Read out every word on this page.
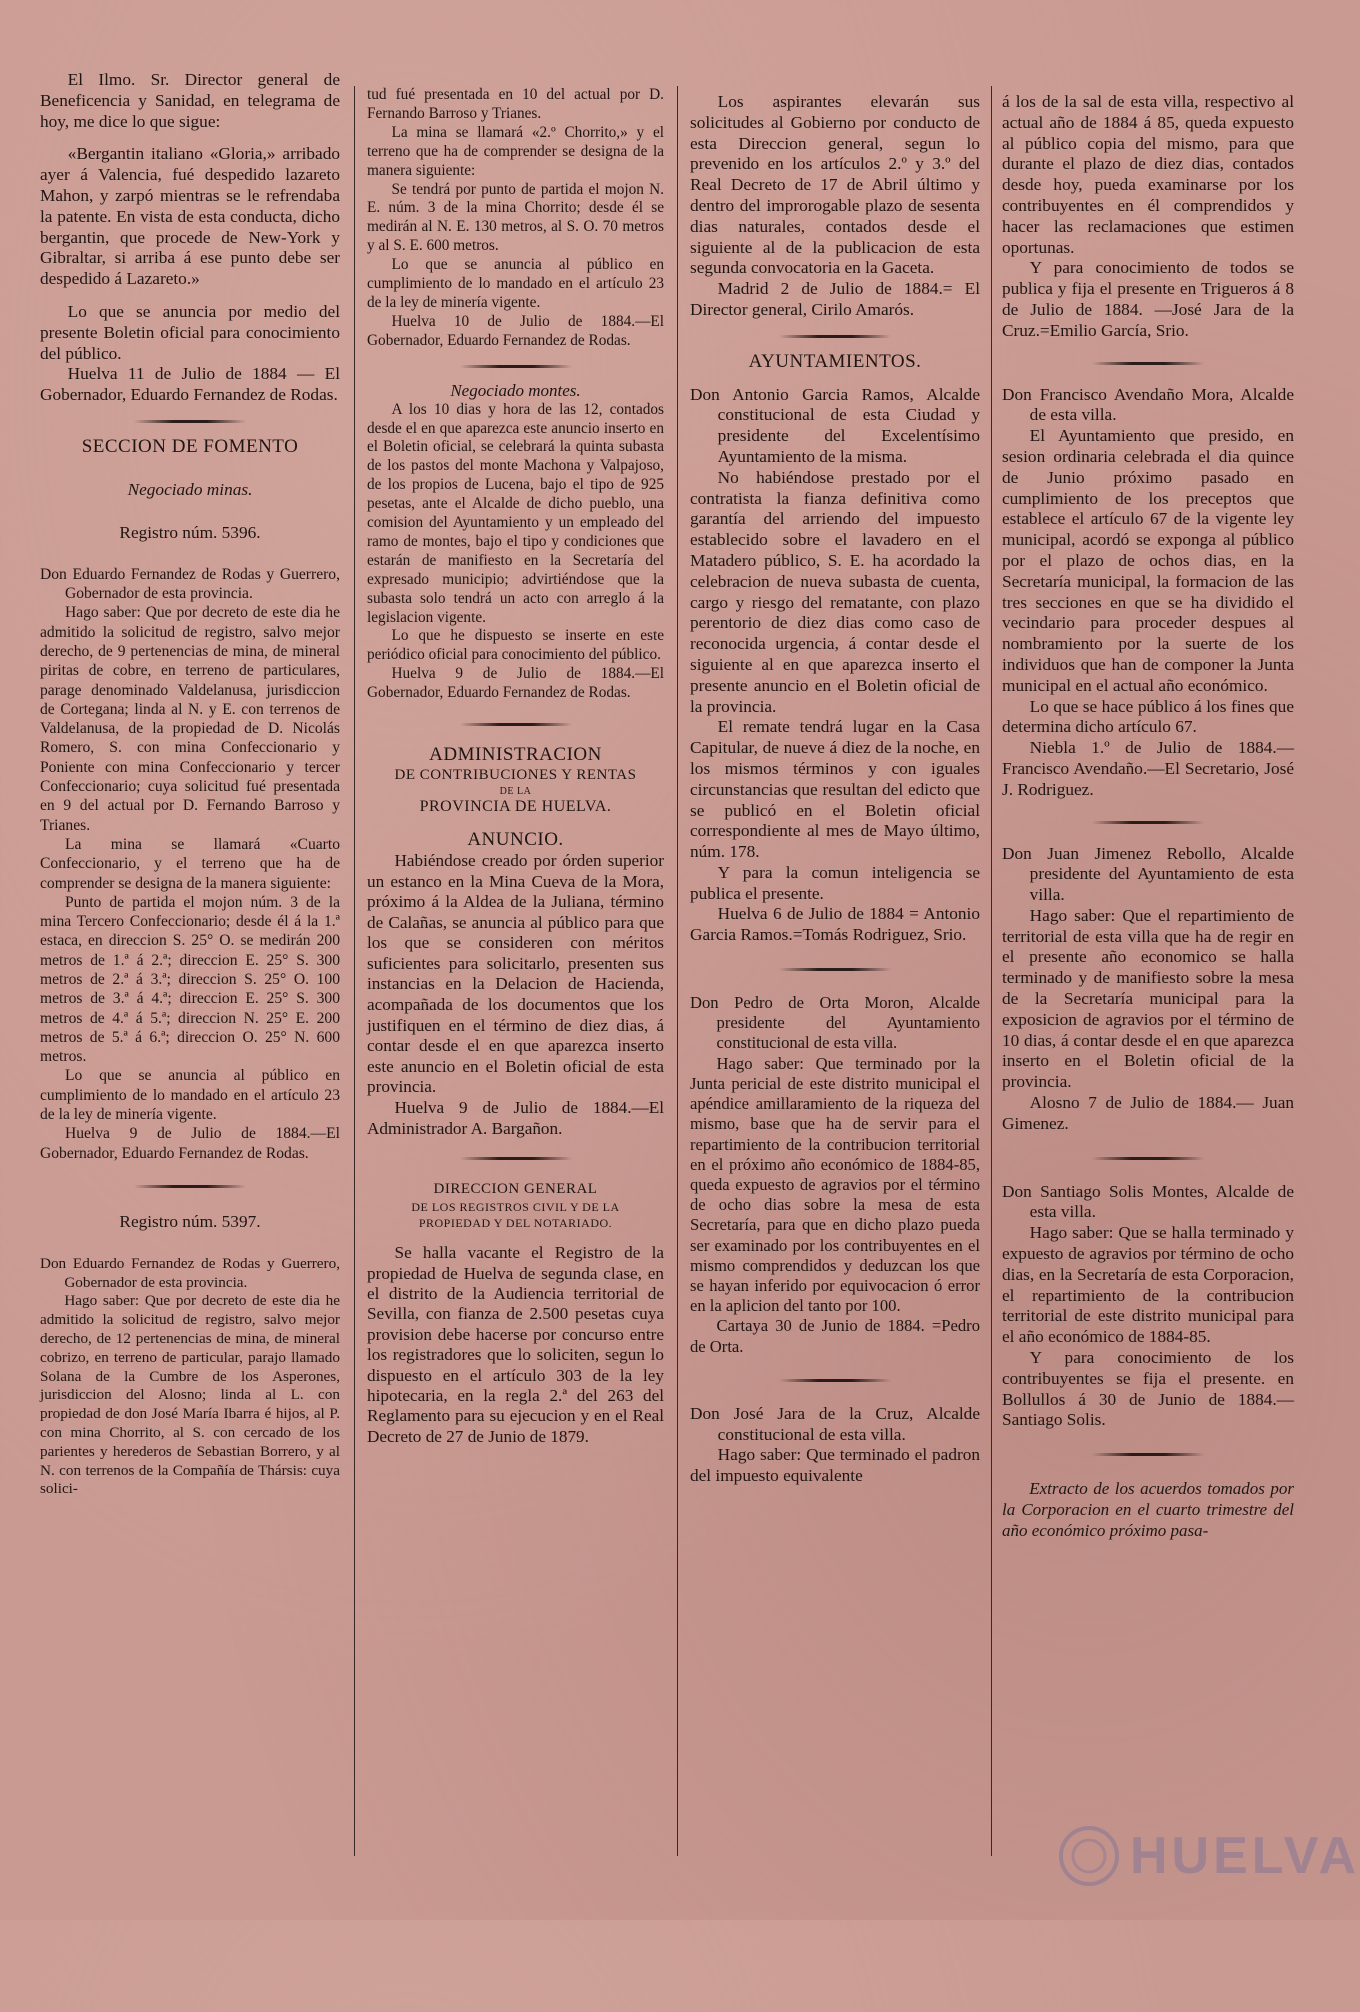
El Ilmo. Sr. Director general de Beneficencia y Sanidad, en telegrama de hoy, me dice lo que sigue:

«Bergantin italiano «Gloria,» arribado ayer á Valencia, fué despedido lazareto Mahon, y zarpó mientras se le refrendaba la patente. En vista de esta conducta, dicho bergantin, que procede de New-York y Gibraltar, si arriba á ese punto debe ser despedido á Lazareto.»

Lo que se anuncia por medio del presente Boletin oficial para conocimiento del público.

Huelva 11 de Julio de 1884 — El Gobernador, Eduardo Fernandez de Rodas.

SECCION DE FOMENTO

Negociado minas.

Registro núm. 5396.

Don Eduardo Fernandez de Rodas y Guerrero, Gobernador de esta provincia.

Hago saber: Que por decreto de este dia he admitido la solicitud de registro, salvo mejor derecho, de 9 pertenencias de mina, de mineral piritas de cobre, en terreno de particulares, parage denominado Valdelanusa, jurisdiccion de Cortegana; linda al N. y E. con terrenos de Valdelanusa, de la propiedad de D. Nicolás Romero, S. con mina Confeccionario y Poniente con mina Confeccionario y tercer Confeccionario; cuya solicitud fué presentada en 9 del actual por D. Fernando Barroso y Trianes.

La mina se llamará «Cuarto Confeccionario, y el terreno que ha de comprender se designa de la manera siguiente:

Punto de partida el mojon núm. 3 de la mina Tercero Confeccionario; desde él á la 1.ª estaca, en direccion S. 25° O. se medirán 200 metros de 1.ª á 2.ª; direccion E. 25° S. 300 metros de 2.ª á 3.ª; direccion S. 25° O. 100 metros de 3.ª á 4.ª; direccion E. 25° S. 300 metros de 4.ª á 5.ª; direccion N. 25° E. 200 metros de 5.ª á 6.ª; direccion O. 25° N. 600 metros.

Lo que se anuncia al público en cumplimiento de lo mandado en el artículo 23 de la ley de minería vigente.

Huelva 9 de Julio de 1884.—El Gobernador, Eduardo Fernandez de Rodas.

Registro núm. 5397.

Don Eduardo Fernandez de Rodas y Guerrero, Gobernador de esta provincia.

Hago saber: Que por decreto de este dia he admitido la solicitud de registro, salvo mejor derecho, de 12 pertenencias de mina, de mineral cobrizo, en terreno de particular, parajo llamado Solana de la Cumbre de los Asperones, jurisdiccion del Alosno; linda al L. con propiedad de don José María Ibarra é hijos, al P. con mina Chorrito, al S. con cercado de los parientes y herederos de Sebastian Borrero, y al N. con terrenos de la Compañía de Thársis: cuya solici-

tud fué presentada en 10 del actual por D. Fernando Barroso y Trianes.

La mina se llamará «2.º Chorrito,» y el terreno que ha de comprender se designa de la manera siguiente:

Se tendrá por punto de partida el mojon N. E. núm. 3 de la mina Chorrito; desde él se medirán al N. E. 130 metros, al S. O. 70 metros y al S. E. 600 metros.

Lo que se anuncia al público en cumplimiento de lo mandado en el artículo 23 de la ley de minería vigente.

Huelva 10 de Julio de 1884.—El Gobernador, Eduardo Fernandez de Rodas.

Negociado montes.

A los 10 dias y hora de las 12, contados desde el en que aparezca este anuncio inserto en el Boletin oficial, se celebrará la quinta subasta de los pastos del monte Machona y Valpajoso, de los propios de Lucena, bajo el tipo de 925 pesetas, ante el Alcalde de dicho pueblo, una comision del Ayuntamiento y un empleado del ramo de montes, bajo el tipo y condiciones que estarán de manifiesto en la Secretaría del expresado municipio; advirtiéndose que la subasta solo tendrá un acto con arreglo á la legislacion vigente.

Lo que he dispuesto se inserte en este periódico oficial para conocimiento del público.

Huelva 9 de Julio de 1884.—El Gobernador, Eduardo Fernandez de Rodas.

ADMINISTRACION

DE CONTRIBUCIONES Y RENTAS

DE LA

PROVINCIA DE HUELVA.

ANUNCIO.

Habiéndose creado por órden superior un estanco en la Mina Cueva de la Mora, próximo á la Aldea de la Juliana, término de Calañas, se anuncia al público para que los que se consideren con méritos suficientes para solicitarlo, presenten sus instancias en la Delacion de Hacienda, acompañada de los documentos que los justifiquen en el término de diez dias, á contar desde el en que aparezca inserto este anuncio en el Boletin oficial de esta provincia.

Huelva 9 de Julio de 1884.—El Administrador A. Bargañon.

DIRECCION GENERAL

DE LOS REGISTROS CIVIL Y DE LA PROPIEDAD Y DEL NOTARIADO.

Se halla vacante el Registro de la propiedad de Huelva de segunda clase, en el distrito de la Audiencia territorial de Sevilla, con fianza de 2.500 pesetas cuya provision debe hacerse por concurso entre los registradores que lo soliciten, segun lo dispuesto en el artículo 303 de la ley hipotecaria, en la regla 2.ª del 263 del Reglamento para su ejecucion y en el Real Decreto de 27 de Junio de 1879.

Los aspirantes elevarán sus solicitudes al Gobierno por conducto de esta Direccion general, segun lo prevenido en los artículos 2.º y 3.º del Real Decreto de 17 de Abril último y dentro del improrogable plazo de sesenta dias naturales, contados desde el siguiente al de la publicacion de esta segunda convocatoria en la Gaceta.

Madrid 2 de Julio de 1884.= El Director general, Cirilo Amarós.

AYUNTAMIENTOS.

Don Antonio Garcia Ramos, Alcalde constitucional de esta Ciudad y presidente del Excelentísimo Ayuntamiento de la misma.

No habiéndose prestado por el contratista la fianza definitiva como garantía del arriendo del impuesto establecido sobre el lavadero en el Matadero público, S. E. ha acordado la celebracion de nueva subasta de cuenta, cargo y riesgo del rematante, con plazo perentorio de diez dias como caso de reconocida urgencia, á contar desde el siguiente al en que aparezca inserto el presente anuncio en el Boletin oficial de la provincia.

El remate tendrá lugar en la Casa Capitular, de nueve á diez de la noche, en los mismos términos y con iguales circunstancias que resultan del edicto que se publicó en el Boletin oficial correspondiente al mes de Mayo último, núm. 178.

Y para la comun inteligencia se publica el presente.

Huelva 6 de Julio de 1884 = Antonio Garcia Ramos.=Tomás Rodriguez, Srio.

Don Pedro de Orta Moron, Alcalde presidente del Ayuntamiento constitucional de esta villa.

Hago saber: Que terminado por la Junta pericial de este distrito municipal el apéndice amillaramiento de la riqueza del mismo, base que ha de servir para el repartimiento de la contribucion territorial en el próximo año económico de 1884-85, queda expuesto de agravios por el término de ocho dias sobre la mesa de esta Secretaría, para que en dicho plazo pueda ser examinado por los contribuyentes en el mismo comprendidos y deduzcan los que se hayan inferido por equivocacion ó error en la aplicion del tanto por 100.

Cartaya 30 de Junio de 1884. =Pedro de Orta.

Don José Jara de la Cruz, Alcalde constitucional de esta villa.

Hago saber: Que terminado el padron del impuesto equivalente

á los de la sal de esta villa, respectivo al actual año de 1884 á 85, queda expuesto al público copia del mismo, para que durante el plazo de diez dias, contados desde hoy, pueda examinarse por los contribuyentes en él comprendidos y hacer las reclamaciones que estimen oportunas.

Y para conocimiento de todos se publica y fija el presente en Trigueros á 8 de Julio de 1884. —José Jara de la Cruz.=Emilio García, Srio.

Don Francisco Avendaño Mora, Alcalde de esta villa.

El Ayuntamiento que presido, en sesion ordinaria celebrada el dia quince de Junio próximo pasado en cumplimiento de los preceptos que establece el artículo 67 de la vigente ley municipal, acordó se exponga al público por el plazo de ochos dias, en la Secretaría municipal, la formacion de las tres secciones en que se ha dividido el vecindario para proceder despues al nombramiento por la suerte de los individuos que han de componer la Junta municipal en el actual año económico.

Lo que se hace público á los fines que determina dicho artículo 67.

Niebla 1.º de Julio de 1884.— Francisco Avendaño.—El Secretario, José J. Rodriguez.

Don Juan Jimenez Rebollo, Alcalde presidente del Ayuntamiento de esta villa.

Hago saber: Que el repartimiento de territorial de esta villa que ha de regir en el presente año economico se halla terminado y de manifiesto sobre la mesa de la Secretaría municipal para la exposicion de agravios por el término de 10 dias, á contar desde el en que aparezca inserto en el Boletin oficial de la provincia.

Alosno 7 de Julio de 1884.— Juan Gimenez.

Don Santiago Solis Montes, Alcalde de esta villa.

Hago saber: Que se halla terminado y expuesto de agravios por término de ocho dias, en la Secretaría de esta Corporacion, el repartimiento de la contribucion territorial de este distrito municipal para el año económico de 1884-85.

Y para conocimiento de los contribuyentes se fija el presente. en Bollullos á 30 de Junio de 1884.—Santiago Solis.

Extracto de los acuerdos tomados por la Corporacion en el cuarto trimestre del año económico próximo pasa-

HUELVA
